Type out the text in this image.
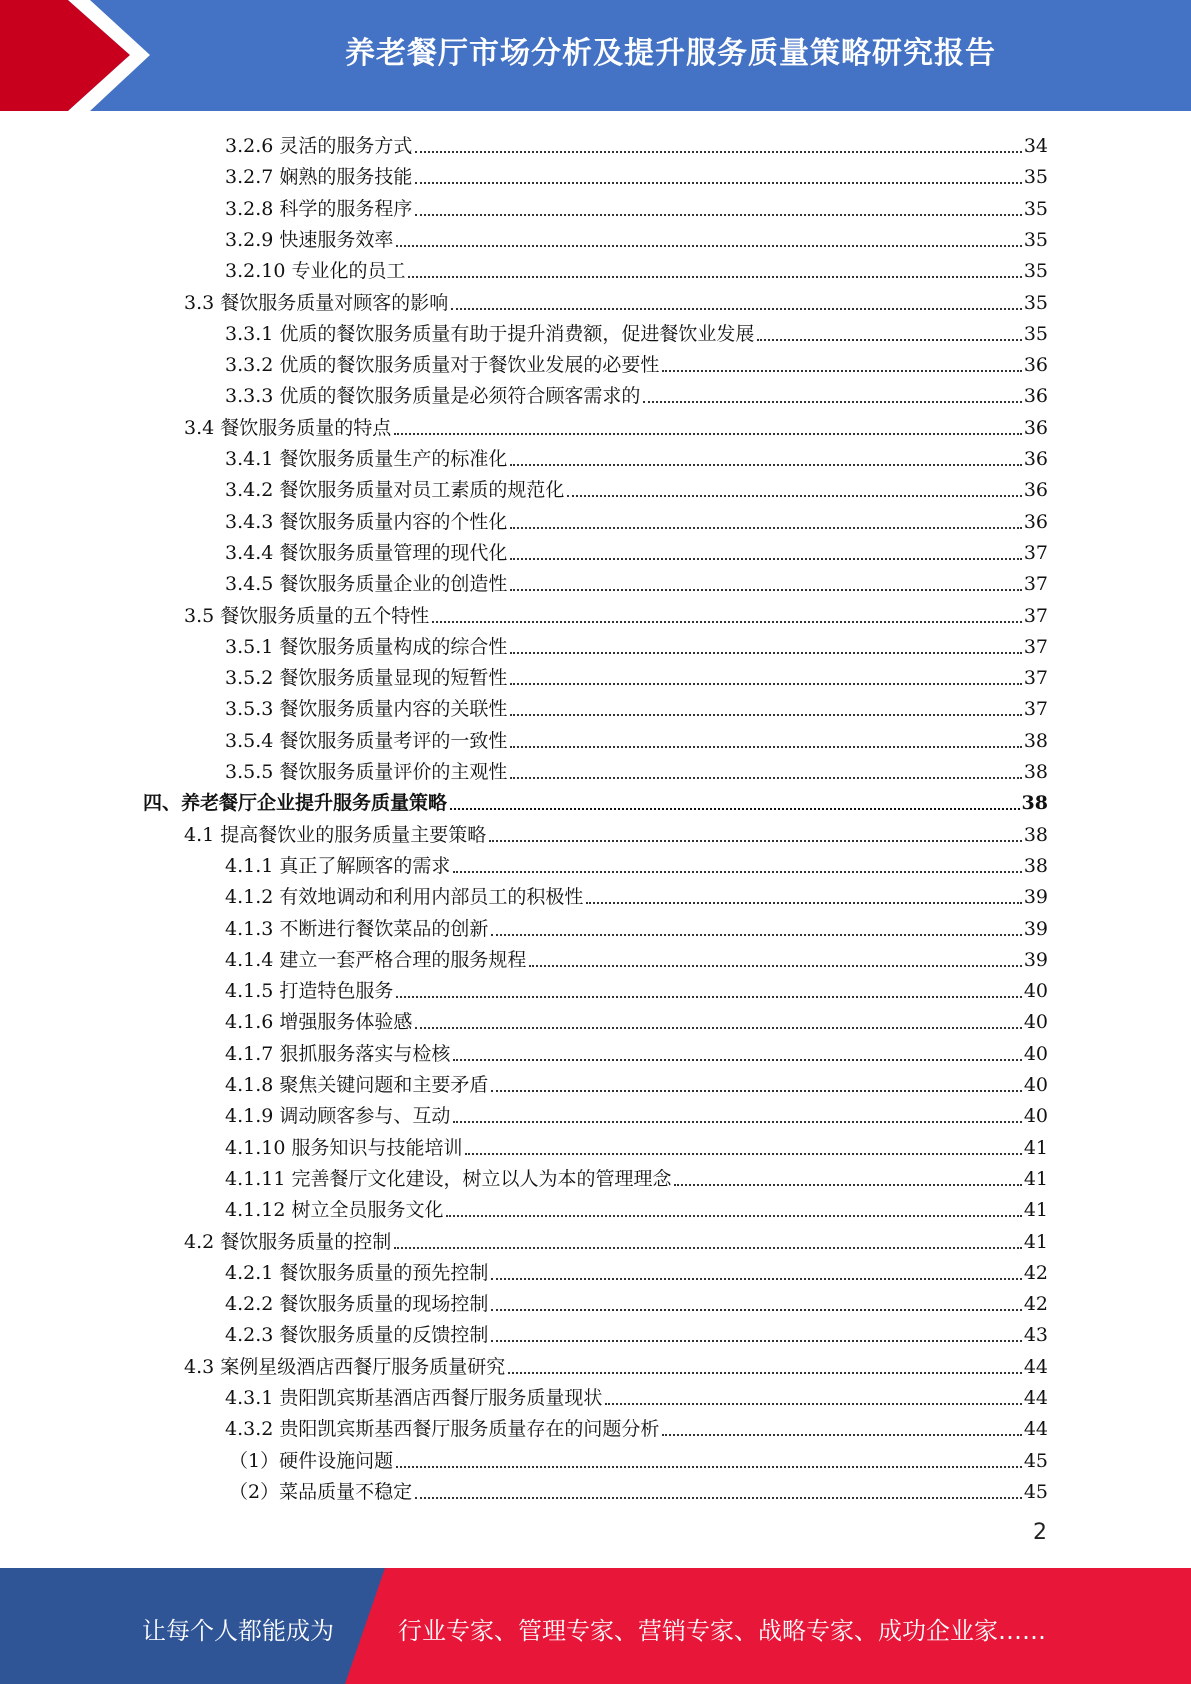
养老餐厅市场分析及提升服务质量策略研究报告
3.2.6 灵活的服务方式	34
3.2.7 娴熟的服务技能	35
3.2.8 科学的服务程序	35
3.2.9 快速服务效率	35
3.2.10 专业化的员工	35
3.3 餐饮服务质量对顾客的影响	35
3.3.1 优质的餐饮服务质量有助于提升消费额，促进餐饮业发展	35
3.3.2 优质的餐饮服务质量对于餐饮业发展的必要性	36
3.3.3 优质的餐饮服务质量是必须符合顾客需求的	36
3.4 餐饮服务质量的特点	36
3.4.1 餐饮服务质量生产的标准化	36
3.4.2 餐饮服务质量对员工素质的规范化	36
3.4.3 餐饮服务质量内容的个性化	36
3.4.4 餐饮服务质量管理的现代化	37
3.4.5 餐饮服务质量企业的创造性	37
3.5 餐饮服务质量的五个特性	37
3.5.1 餐饮服务质量构成的综合性	37
3.5.2 餐饮服务质量显现的短暂性	37
3.5.3 餐饮服务质量内容的关联性	37
3.5.4 餐饮服务质量考评的一致性	38
3.5.5 餐饮服务质量评价的主观性	38
四、养老餐厅企业提升服务质量策略	38
4.1 提高餐饮业的服务质量主要策略	38
4.1.1 真正了解顾客的需求	38
4.1.2 有效地调动和利用内部员工的积极性	39
4.1.3 不断进行餐饮菜品的创新	39
4.1.4 建立一套严格合理的服务规程	39
4.1.5 打造特色服务	40
4.1.6 增强服务体验感	40
4.1.7 狠抓服务落实与检核	40
4.1.8 聚焦关键问题和主要矛盾	40
4.1.9 调动顾客参与、互动	40
4.1.10 服务知识与技能培训	41
4.1.11 完善餐厅文化建设，树立以人为本的管理理念	41
4.1.12 树立全员服务文化	41
4.2 餐饮服务质量的控制	41
4.2.1 餐饮服务质量的预先控制	42
4.2.2 餐饮服务质量的现场控制	42
4.2.3 餐饮服务质量的反馈控制	43
4.3 案例星级酒店西餐厅服务质量研究	44
4.3.1 贵阳凯宾斯基酒店西餐厅服务质量现状	44
4.3.2 贵阳凯宾斯基西餐厅服务质量存在的问题分析	44
（1）硬件设施问题	45
（2）菜品质量不稳定	45
2
让每个人都能成为	行业专家、管理专家、营销专家、战略专家、成功企业家……
